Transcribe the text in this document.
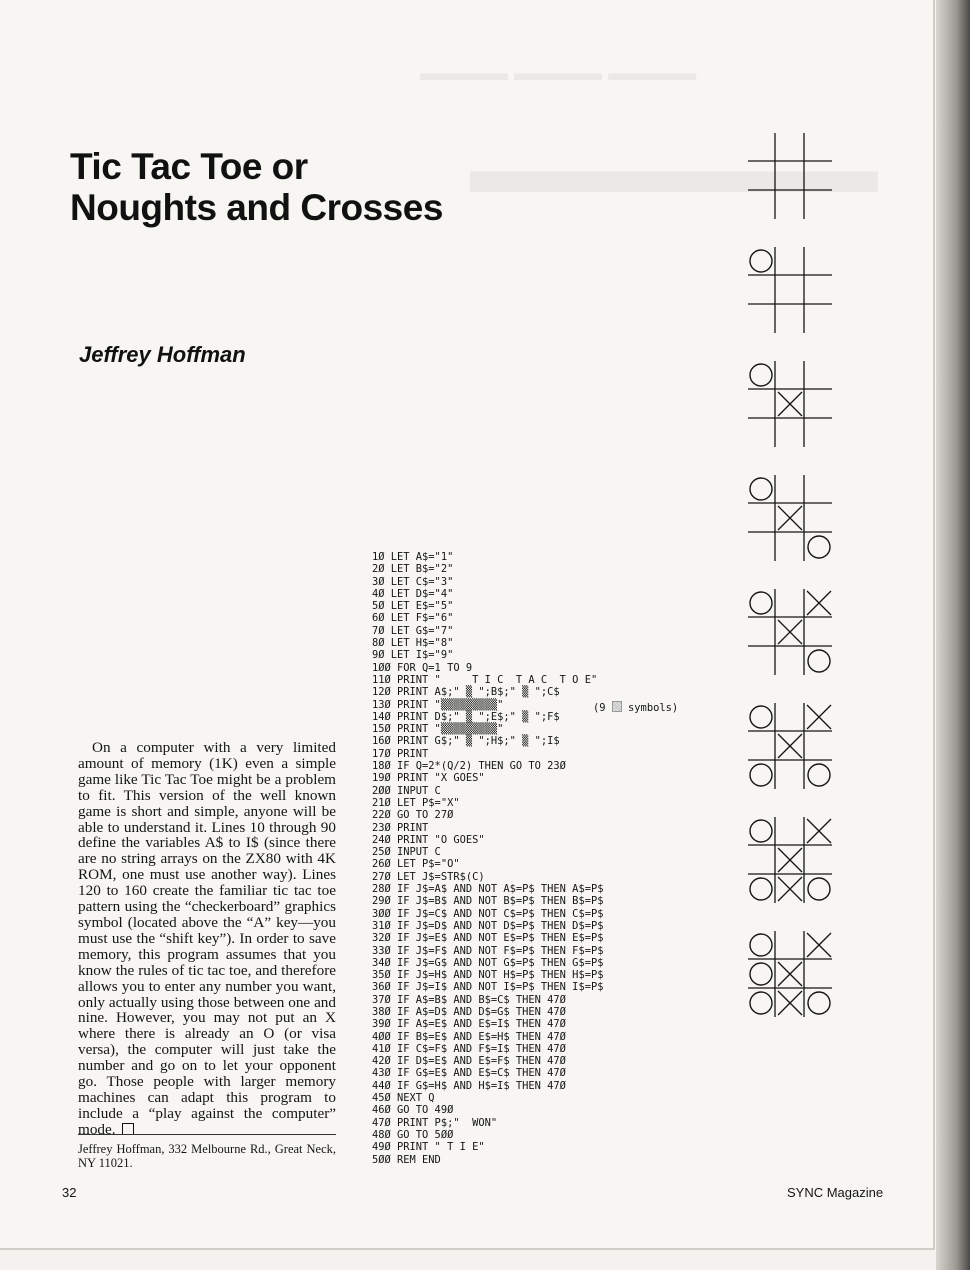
▬▬▬▬ ▬▬▬▬ ▬▬▬▬
▬▬▬▬▬▬
Tic Tac Toe or
Noughts and Crosses
Jeffrey Hoffman

On a computer with a very limited amount of memory (1K) even a simple game like Tic Tac Toe might be a problem to fit. This version of the well known game is short and simple, anyone will be able to understand it. Lines 10 through 90 define the variables A$ to I$ (since there are no string arrays on the ZX80 with 4K ROM, one must use another way). Lines 120 to 160 create the familiar tic tac toe pattern using the “checkerboard” graphics symbol (located above the “A” key—you must use the “shift key”). In order to save memory, this program assumes that you know the rules of tic tac toe, and therefore allows you to enter any number you want, only actually using those between one and nine. However, you may not put an X where there is already an O (or visa versa), the computer will just take the number and go on to let your opponent go. Those people with larger memory machines can adapt this program to include a “play against the computer” mode.

Jeffrey Hoffman, 332 Melbourne Rd., Great Neck, NY 11021.

1Ø LET A$="1"
2Ø LET B$="2"
3Ø LET C$="3"
4Ø LET D$="4"
5Ø LET E$="5"
6Ø LET F$="6"
7Ø LET G$="7"
8Ø LET H$="8"
9Ø LET I$="9"
1ØØ FOR Q=1 TO 9
11Ø PRINT "     T I C  T A C  T O E"
12Ø PRINT A$;" ▒ ";B$;" ▒ ";C$
13Ø PRINT "▒▒▒▒▒▒▒▒▒"
14Ø PRINT D$;" ▒ ";E$;" ▒ ";F$
15Ø PRINT "▒▒▒▒▒▒▒▒▒"
16Ø PRINT G$;" ▒ ";H$;" ▒ ";I$
17Ø PRINT
18Ø IF Q=2*(Q/2) THEN GO TO 23Ø
19Ø PRINT "X GOES"
2ØØ INPUT C
21Ø LET P$="X"
22Ø GO TO 27Ø
23Ø PRINT
24Ø PRINT "O GOES"
25Ø INPUT C
26Ø LET P$="O"
27Ø LET J$=STR$(C)
28Ø IF J$=A$ AND NOT A$=P$ THEN A$=P$
29Ø IF J$=B$ AND NOT B$=P$ THEN B$=P$
3ØØ IF J$=C$ AND NOT C$=P$ THEN C$=P$
31Ø IF J$=D$ AND NOT D$=P$ THEN D$=P$
32Ø IF J$=E$ AND NOT E$=P$ THEN E$=P$
33Ø IF J$=F$ AND NOT F$=P$ THEN F$=P$
34Ø IF J$=G$ AND NOT G$=P$ THEN G$=P$
35Ø IF J$=H$ AND NOT H$=P$ THEN H$=P$
36Ø IF J$=I$ AND NOT I$=P$ THEN I$=P$
37Ø IF A$=B$ AND B$=C$ THEN 47Ø
38Ø IF A$=D$ AND D$=G$ THEN 47Ø
39Ø IF A$=E$ AND E$=I$ THEN 47Ø
4ØØ IF B$=E$ AND E$=H$ THEN 47Ø
41Ø IF C$=F$ AND F$=I$ THEN 47Ø
42Ø IF D$=E$ AND E$=F$ THEN 47Ø
43Ø IF G$=E$ AND E$=C$ THEN 47Ø
44Ø IF G$=H$ AND H$=I$ THEN 47Ø
45Ø NEXT Q
46Ø GO TO 49Ø
47Ø PRINT P$;"  WON"
48Ø GO TO 5ØØ
49Ø PRINT " T I E"
5ØØ REM END
(9 symbols)
32	SYNC Magazine
